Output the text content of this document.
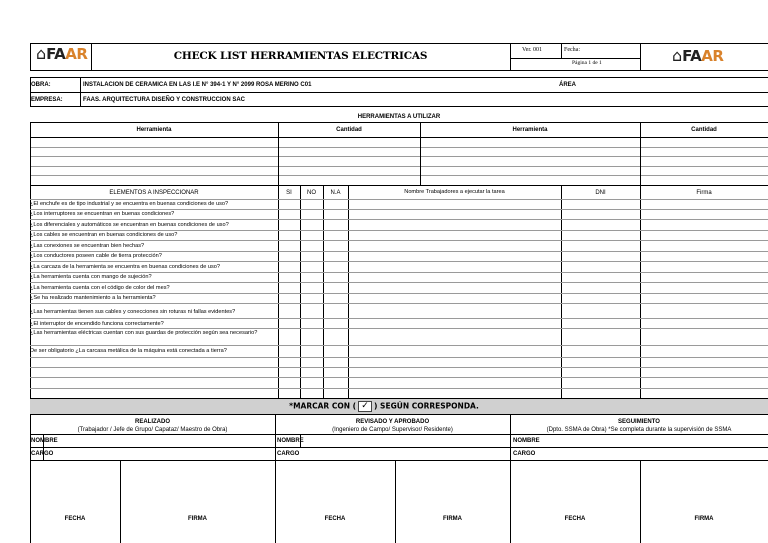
⌂ FAAR	CHECK LIST HERRAMIENTAS ELECTRICAS	Ver. 001	Fecha:
Página 1 de 1	⌂ FAAR
OBRA:	INSTALACION DE CERAMICA EN LAS I.E N° 394-1 Y N° 2099 ROSA MERINO C01	ÁREA
EMPRESA:	FAAS. ARQUITECTURA DISEÑO Y CONSTRUCCION SAC
HERRAMIENTAS A UTILIZAR
Herramienta	Cantidad	Herramienta	Cantidad
ELEMENTOS A INSPECCIONAR	SI	NO	N.A	Nombre Trabajadores a ejecutar la tarea	DNI	Firma
¿El enchufe es de tipo industrial y se encuentra en buenas condiciones de uso?
¿Los interruptores se encuentran en buenas condiciones?
¿Los diferenciales y automáticos se encuentran en buenas condiciones de uso?
¿Los cables se encuentran en buenas condiciones de uso?
¿Las conexiones se encuentran bien hechas?
¿Los conductores poseen cable de tierra protección?
¿La carcaza de la herramienta se encuentra en buenas condiciones de uso?
¿La herramienta cuenta con mango de sujeción?
¿La herramienta cuenta con el código de color del mes?
¿Se ha realizado mantenimiento a la herramienta?
¿Las herramientas tienen sus cables y conecciones sin roturas ni fallas evidentes?
¿El interruptor de encendido funciona correctamente?
¿Las herramientas eléctricas cuentan con sus guardas de protección según sea necesario?
De ser obligatorio ¿La carcasa metálica de la máquina está conectada a tierra?
*MARCAR CON ( ✓ ) SEGÚN CORRESPONDA.
REALIZADO
(Trabajador / Jefe de Grupo/ Capataz/ Maestro de Obra)
REVISADO Y APROBADO
(Ingeniero de Campo/ Supervisor/ Residente)
SEGUIMIENTO
(Dpto. SSMA de Obra) *Se completa durante la supervisión de SSMA
NOMBRE	NOMBRE	NOMBRE
CARGO	CARGO	CARGO
FECHA	FIRMA	FECHA	FIRMA	FECHA	FIRMA
